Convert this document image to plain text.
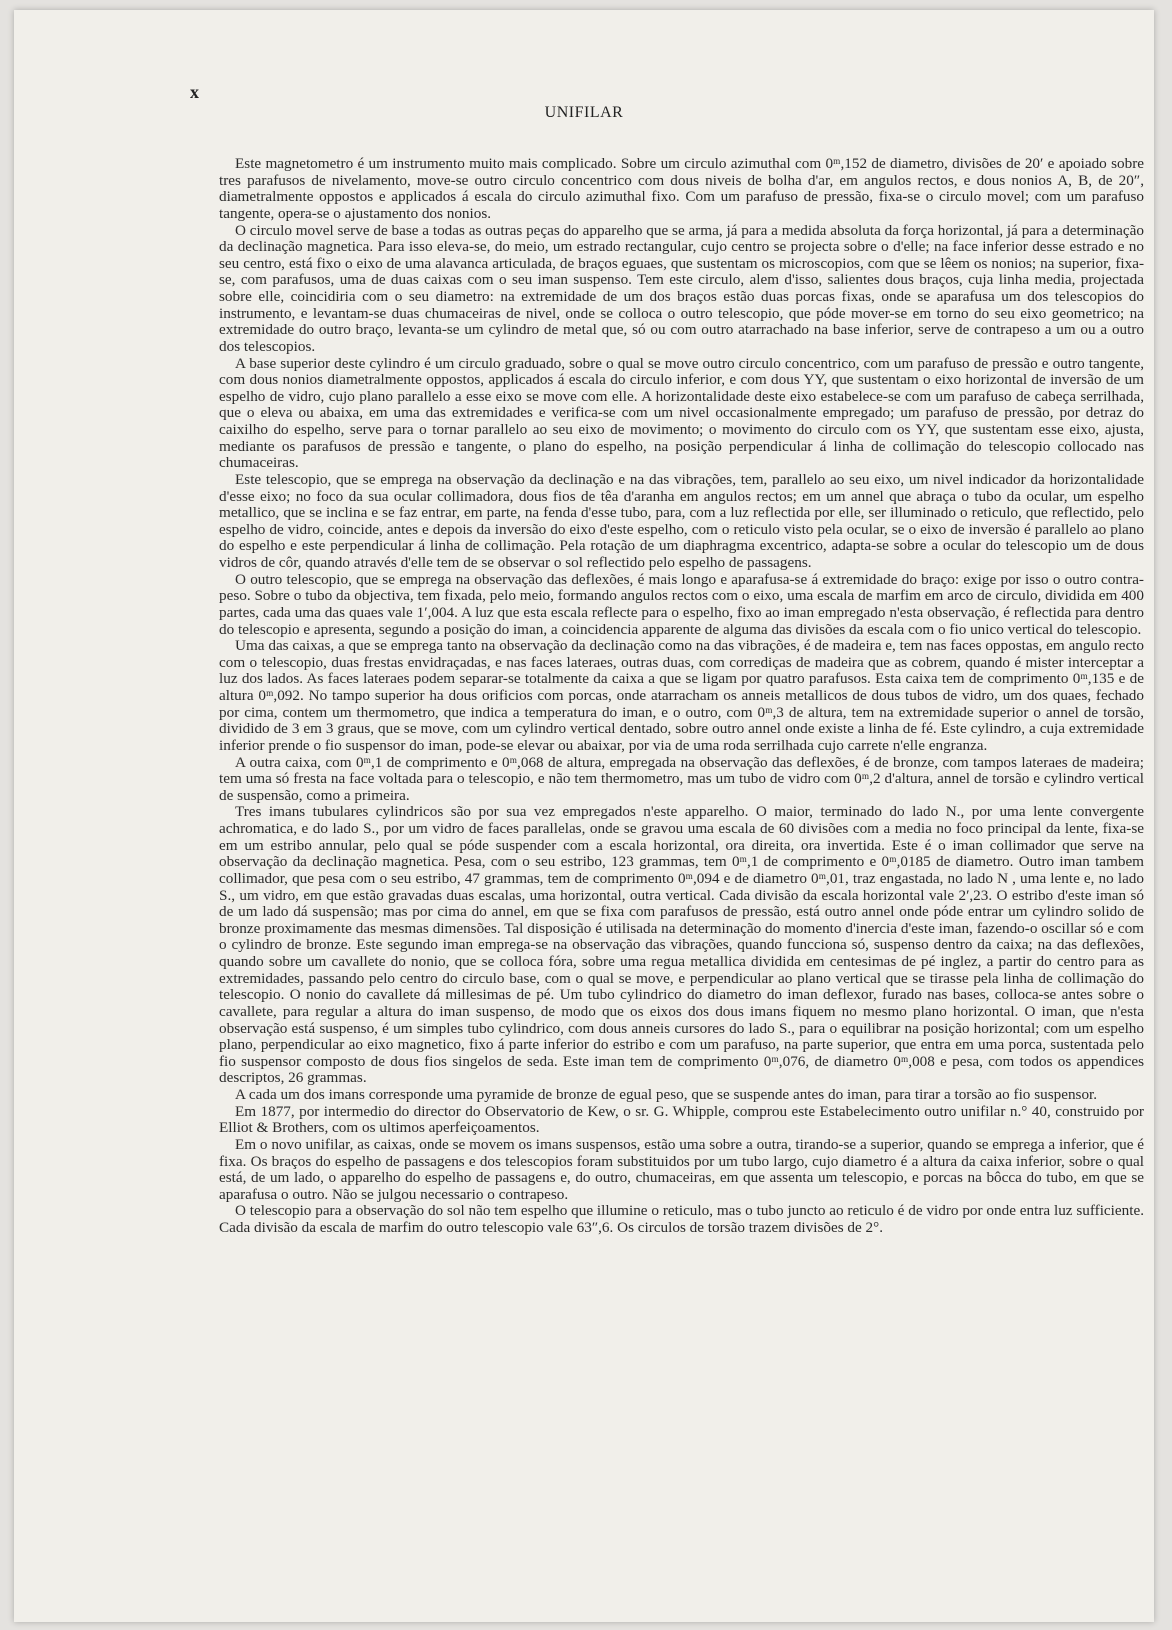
x
UNIFILAR

Este magnetometro é um instrumento muito mais complicado. Sobre um circulo azimuthal com 0ᵐ,152 de diametro, divisões de 20′ e apoiado sobre tres parafusos de nivelamento, move-se outro circulo concentrico com dous niveis de bolha d'ar, em angulos rectos, e dous nonios A, B, de 20″, diametralmente oppostos e applicados á escala do circulo azimuthal fixo. Com um parafuso de pressão, fixa-se o circulo movel; com um parafuso tangente, opera-se o ajustamento dos nonios.

O circulo movel serve de base a todas as outras peças do apparelho que se arma, já para a medida absoluta da força horizontal, já para a determinação da declinação magnetica. Para isso eleva-se, do meio, um estrado rectangular, cujo centro se projecta sobre o d'elle; na face inferior desse estrado e no seu centro, está fixo o eixo de uma alavanca articulada, de braços eguaes, que sustentam os microscopios, com que se lêem os nonios; na superior, fixa-se, com parafusos, uma de duas caixas com o seu iman suspenso. Tem este circulo, alem d'isso, salientes dous braços, cuja linha media, projectada sobre elle, coincidiria com o seu diametro: na extremidade de um dos braços estão duas porcas fixas, onde se aparafusa um dos telescopios do instrumento, e levantam-se duas chumaceiras de nivel, onde se colloca o outro telescopio, que póde mover-se em torno do seu eixo geometrico; na extremidade do outro braço, levanta-se um cylindro de metal que, só ou com outro atarrachado na base inferior, serve de contrapeso a um ou a outro dos telescopios.

A base superior deste cylindro é um circulo graduado, sobre o qual se move outro circulo concentrico, com um parafuso de pressão e outro tangente, com dous nonios diametralmente oppostos, applicados á escala do circulo inferior, e com dous YY, que sustentam o eixo horizontal de inversão de um espelho de vidro, cujo plano parallelo a esse eixo se move com elle. A horizontalidade deste eixo estabelece-se com um parafuso de cabeça serrilhada, que o eleva ou abaixa, em uma das extremidades e verifica-se com um nivel occasionalmente empregado; um parafuso de pressão, por detraz do caixilho do espelho, serve para o tornar parallelo ao seu eixo de movimento; o movimento do circulo com os YY, que sustentam esse eixo, ajusta, mediante os parafusos de pressão e tangente, o plano do espelho, na posição perpendicular á linha de collimação do telescopio collocado nas chumaceiras.

Este telescopio, que se emprega na observação da declinação e na das vibrações, tem, parallelo ao seu eixo, um nivel indicador da horizontalidade d'esse eixo; no foco da sua ocular collimadora, dous fios de têa d'aranha em angulos rectos; em um annel que abraça o tubo da ocular, um espelho metallico, que se inclina e se faz entrar, em parte, na fenda d'esse tubo, para, com a luz reflectida por elle, ser illuminado o reticulo, que reflectido, pelo espelho de vidro, coincide, antes e depois da inversão do eixo d'este espelho, com o reticulo visto pela ocular, se o eixo de inversão é parallelo ao plano do espelho e este perpendicular á linha de collimação. Pela rotação de um diaphragma excentrico, adapta-se sobre a ocular do telescopio um de dous vidros de côr, quando através d'elle tem de se observar o sol reflectido pelo espelho de passagens.

O outro telescopio, que se empregа na observação das deflexões, é mais longo e aparafusa-se á extremidade do braço: exige por isso o outro contra-peso. Sobre o tubo da objectiva, tem fixada, pelo meio, formando angulos rectos com o eixo, uma escala de marfim em arco de circulo, dividida em 400 partes, cada uma das quaes vale 1′,004. A luz que esta escala reflecte para o espelho, fixo ao iman empregado n'esta observação, é reflectida para dentro do telescopio e apresenta, segundo a posição do iman, a coincidencia apparente de alguma das divisões da escala com o fio unico vertical do telescopio.

Uma das caixas, a que se emprega tanto na observação da declinação como na das vibrações, é de madeira e, tem nas faces oppostas, em angulo recto com o telescopio, duas frestas envidraçadas, e nas faces lateraes, outras duas, com corrediças de madeira que as cobrem, quando é mister interceptar a luz dos lados. As faces lateraes podem separar-se totalmente da caixa a que se ligam por quatro parafusos. Esta caixa tem de comprimento 0ᵐ,135 e de altura 0ᵐ,092. No tampo superior ha dous orificios com porcas, onde atarracham os anneis metallicos de dous tubos de vidro, um dos quaes, fechado por cima, contem um thermometro, que indica a temperatura do iman, e o outro, com 0ᵐ,3 de altura, tem na extremidade superior o annel de torsão, dividido de 3 em 3 graus, que se move, com um cylindro vertical dentado, sobre outro annel onde existe a linha de fé. Este cylindro, a cuja extremidade inferior prende o fio suspensor do iman, pode-se elevar ou abaixar, por via de uma roda serrilhada cujo carrete n'elle engranza.

A outra caixa, com 0ᵐ,1 de comprimento e 0ᵐ,068 de altura, empregada na observação das deflexões, é de bronze, com tampos lateraes de madeira; tem uma só fresta na face voltada para o telescopio, e não tem thermometro, mas um tubo de vidro com 0ᵐ,2 d'altura, annel de torsão e cylindro vertical de suspensão, como a primeira.

Tres imans tubulares cylindricos são por sua vez empregados n'este apparelho. O maior, terminado do lado N., por uma lente convergente achromatica, e do lado S., por um vidro de faces parallelas, onde se gravou uma escala de 60 divisões com a media no foco principal da lente, fixa-se em um estribo annular, pelo qual se póde suspender com a escala horizontal, ora direita, ora invertida. Este é o iman collimador que serve na observação da declinação magnetica. Pesa, com o seu estribo, 123 grammas, tem 0ᵐ,1 de comprimento e 0ᵐ,0185 de diametro. Outro iman tambem collimador, que pesa com o seu estribo, 47 grammas, tem de comprimento 0ᵐ,094 e de diametro 0ᵐ,01, traz engastada, no lado N , uma lente e, no lado S., um vidro, em que estão gravadas duas escalas, uma horizontal, outra vertical. Cada divisão da escala horizontal vale 2′,23. O estribo d'este iman só de um lado dá suspensão; mas por cima do annel, em que se fixa com parafusos de pressão, está outro annel onde póde entrar um cylindro solido de bronze proximamente das mesmas dimensões. Tal disposição é utilisada na determinação do momento d'inercia d'este iman, fazendo-o oscillar só e com o cylindro de bronze. Este segundo iman emprega-se na observação das vibrações, quando funcciona só, suspenso dentro da caixa; na das deflexões, quando sobre um cavallete do nonio, que se colloca fóra, sobre uma regua metallica dividida em centesimas de pé inglez, a partir do centro para as extremidades, passando pelo centro do circulo base, com o qual se move, e perpendicular ao plano vertical que se tirasse pela linha de collimação do telescopio. O nonio do cavallete dá millesimas de pé. Um tubo cylindrico do diametro do iman deflexor, furado nas bases, colloca-se antes sobre o cavallete, para regular a altura do iman suspenso, de modo que os eixos dos dous imans fiquem no mesmo plano horizontal. O iman, que n'esta observação está suspenso, é um simples tubo cylindrico, com dous anneis cursores do lado S., para o equilibrar na posição horizontal; com um espelho plano, perpendicular ao eixo magnetico, fixo á parte inferior do estribo e com um parafuso, na parte superior, que entra em uma porca, sustentada pelo fio suspensor composto de dous fios singelos de seda. Este iman tem de comprimento 0ᵐ,076, de diametro 0ᵐ,008 e pesa, com todos os appendices descriptos, 26 grammas.

A cada um dos imans corresponde uma pyramide de bronze de egual peso, que se suspende antes do iman, para tirar a torsão ao fio suspensor.

Em 1877, por intermedio do director do Observatorio de Kew, o sr. G. Whipple, comprou este Estabelecimento outro unifilar n.° 40, construido por Elliot & Brothers, com os ultimos aperfeiçoamentos.

Em o novo unifilar, as caixas, onde se movem os imans suspensos, estão uma sobre a outra, tirando-se a superior, quando se emprega a inferior, que é fixa. Os braços do espelho de passagens e dos telescopios foram substituidos por um tubo largo, cujo diametro é a altura da caixa inferior, sobre o qual está, de um lado, o apparelho do espelho de passagens e, do outro, chumaceiras, em que assenta um telescopio, e porcas na bôcca do tubo, em que se aparafusa o outro. Não se julgou necessario o contrapeso.

O telescopio para a observação do sol não tem espelho que illumine o reticulo, mas o tubo juncto ao reticulo é de vidro por onde entra luz sufficiente. Cada divisão da escala de marfim do outro telescopio vale 63″,6. Os circulos de torsão trazem divisões de 2°.
